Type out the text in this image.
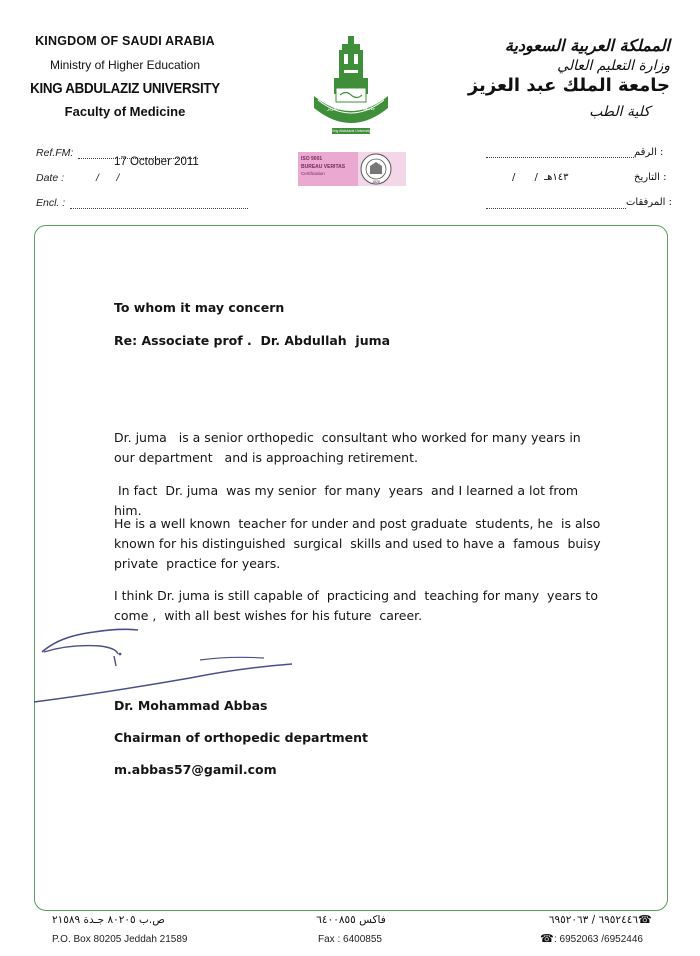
KINGDOM OF SAUDI ARABIA
Ministry of Higher Education
KING ABDULAZIZ UNIVERSITY
Faculty of Medicine	جامعة الملك عبد العزيز
King Abdulaziz University
ISO 9001
BUREAU VERITAS
Certification
1828
المملكة العربية السعودية
وزارة التعليم العالي
جامعة الملك عبد العزيز
كلية الطب
Ref.FM:
17 October 2011
Date :	/      /
Encl. :
: الرقم
/      /  ١٤٣هـ	: التاريخ
: المرفقات
To whom it may concern
Re: Associate prof .  Dr. Abdullah  juma
Dr. juma   is a senior orthopedic  consultant who worked for many years in our department   and is approaching retirement.
In fact  Dr. juma  was my senior  for many  years  and I learned a lot from him.
He is a well known  teacher for under and post graduate  students, he  is also known for his distinguished  surgical  skills and used to have a  famous  buisy private  practice for years.
I think Dr. juma is still capable of  practicing and  teaching for many  years to come ,  with all best wishes for his future  career.
Dr. Mohammad Abbas
Chairman of orthopedic department
m.abbas57@gamil.com
ص.ب ٨٠٢٠٥ جـدة ٢١٥٨٩
P.O. Box 80205 Jeddah 21589
فاكس ٦٤٠٠٨٥٥
Fax : 6400855
٦٩٥٢٤٤٦ / ٦٩٥٢٠٦٣ ☎
☎ : 6952063 /6952446
